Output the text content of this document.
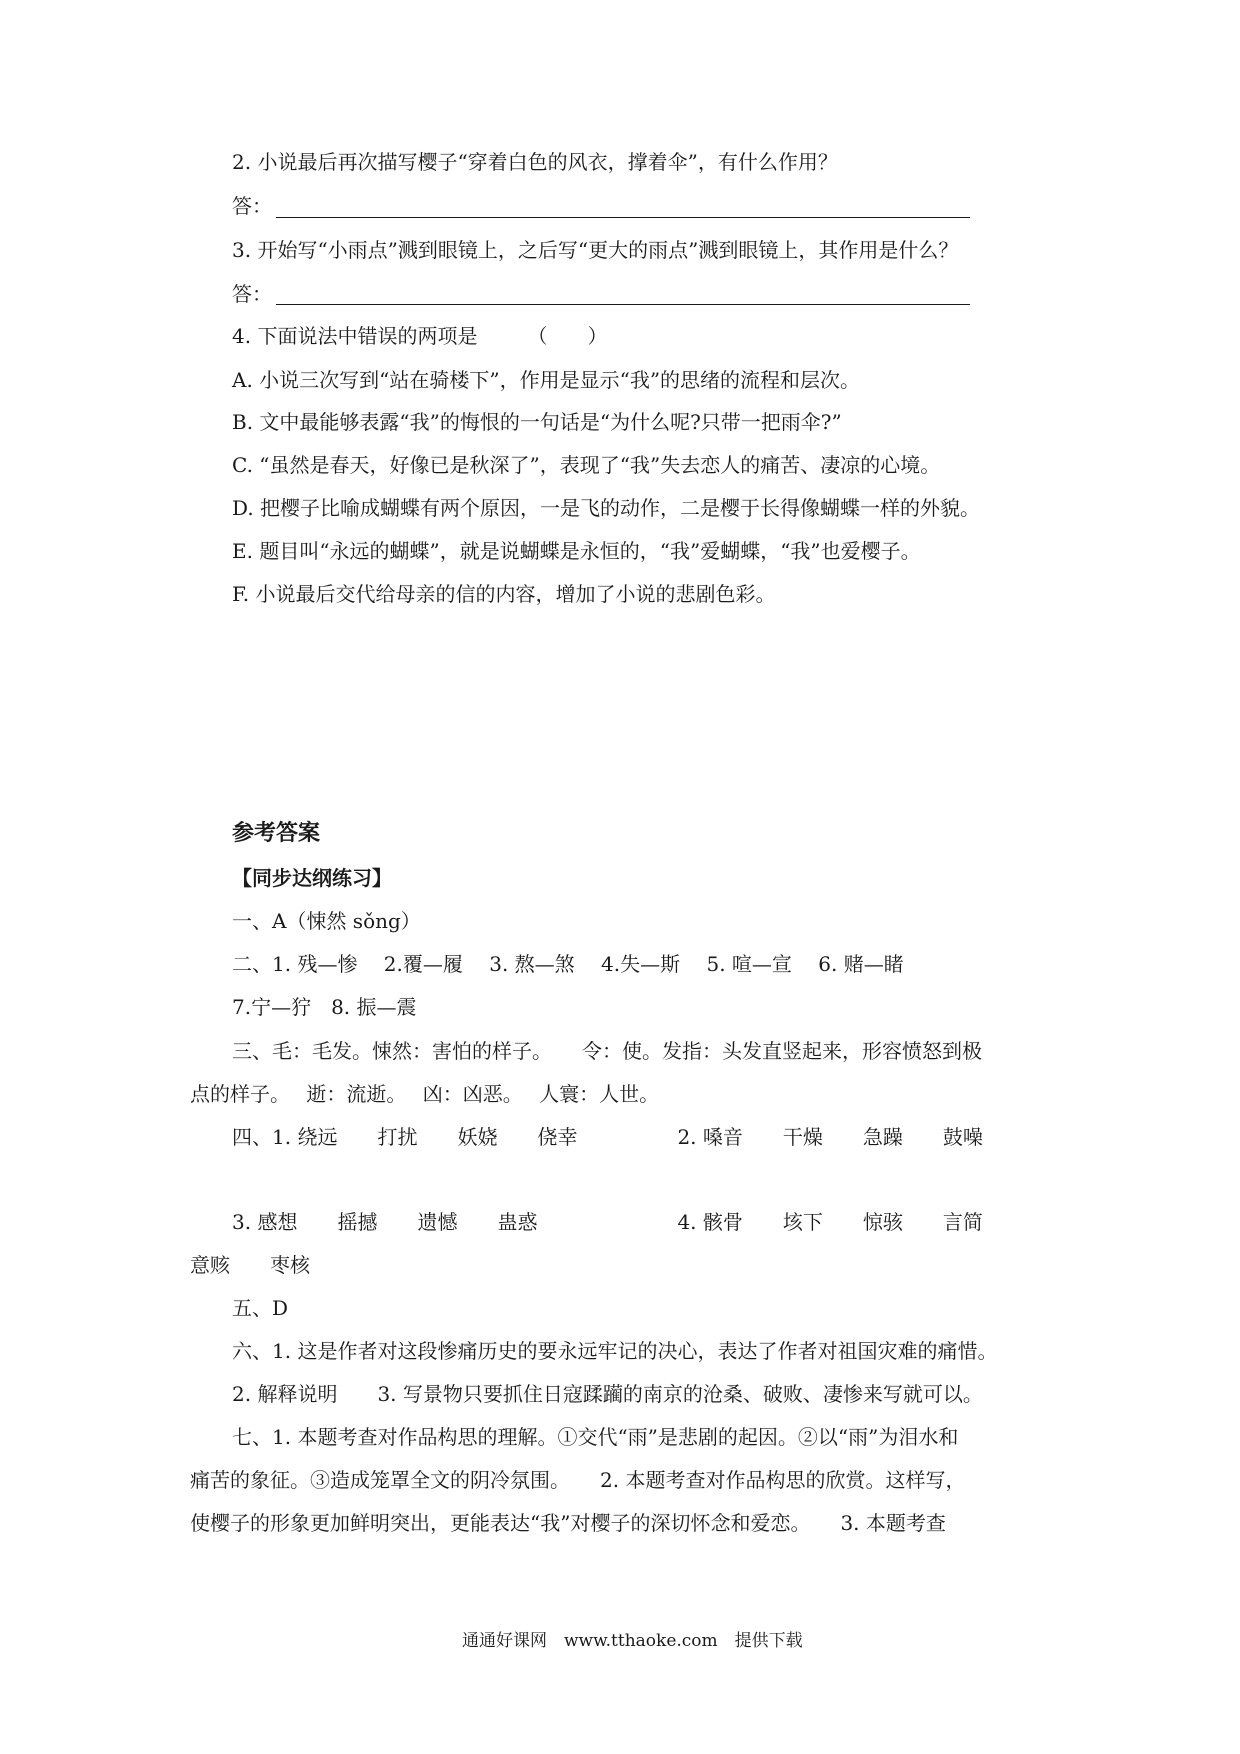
2. 小说最后再次描写樱子“穿着白色的风衣，撑着伞”，有什么作用？
答：
3. 开始写“小雨点”溅到眼镜上，之后写“更大的雨点”溅到眼镜上，其作用是什么？
答：
4. 下面说法中错误的两项是　　　（　　）
A. 小说三次写到“站在骑楼下”，作用是显示“我”的思绪的流程和层次。
B. 文中最能够表露“我”的悔恨的一句话是“为什么呢?只带一把雨伞?”
C. “虽然是春天，好像已是秋深了”，表现了“我”失去恋人的痛苦、凄凉的心境。
D. 把樱子比喻成蝴蝶有两个原因，一是飞的动作，二是樱于长得像蝴蝶一样的外貌。
E. 题目叫“永远的蝴蝶”，就是说蝴蝶是永恒的，“我”爱蝴蝶，“我”也爱樱子。
F. 小说最后交代给母亲的信的内容，增加了小说的悲剧色彩。
参考答案
【同步达纲练习】
一、A（悚然 sǒng）
二、1. 残—惨　 2.覆—履　 3. 熬—煞　 4.失—斯　 5. 喧—宣　 6. 赌—睹
7.宁—狞　8. 振—震
三、毛：毛发。悚然：害怕的样子。　　令：使。发指：头发直竖起来，形容愤怒到极
点的样子。　 逝：流逝。　 凶：凶恶。　 人寰：人世。
四、1. 绕远　　打扰　　妖娆　　侥幸　　　　　2. 嗓音　　干燥　　急躁　　鼓噪
3. 感想　　摇撼　　遗憾　　蛊惑　　　　　　　4. 骸骨　　垓下　　惊骇　　言简
意赅　　枣核
五、D
六、1. 这是作者对这段惨痛历史的要永远牢记的决心，表达了作者对祖国灾难的痛惜。
2. 解释说明　　3. 写景物只要抓住日寇蹂躏的南京的沧桑、破败、凄惨来写就可以。
七、1. 本题考查对作品构思的理解。①交代“雨”是悲剧的起因。②以“雨”为泪水和
痛苦的象征。③造成笼罩全文的阴冷氛围。　　2. 本题考查对作品构思的欣赏。这样写，
使樱子的形象更加鲜明突出，更能表达“我”对樱子的深切怀念和爱恋。　　3. 本题考查
通通好课网　www.tthaoke.com　提供下载
